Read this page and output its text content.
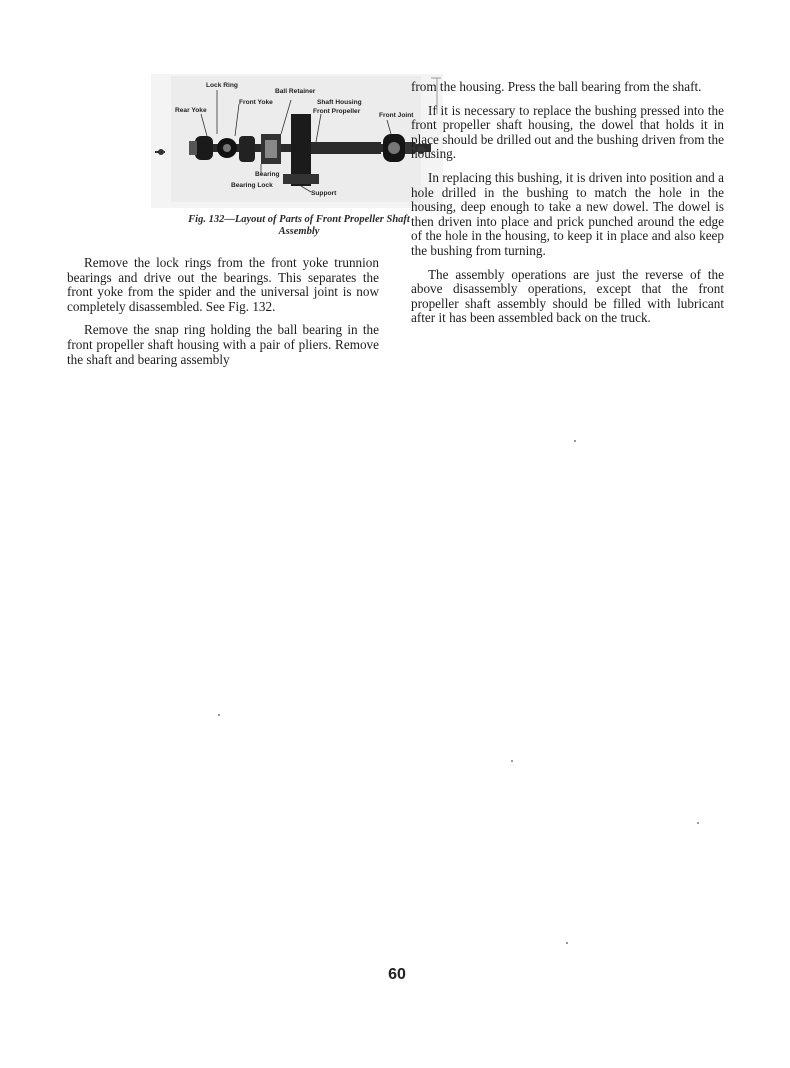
Lock Ring
Ball Retainer
Rear Yoke
Front Yoke	Shaft Housing
Front Propeller
Front Joint
Bearing
Bearing Lock
Support
Fig. 132—Layout of Parts of Front Propeller Shaft
Assembly

Remove the lock rings from the front yoke trunnion bearings and drive out the bearings. This separates the front yoke from the spider and the universal joint is now completely disassembled. See Fig. 132.

Remove the snap ring holding the ball bearing in the front propeller shaft housing with a pair of pliers. Remove the shaft and bearing assembly

from the housing. Press the ball bearing from the shaft.

If it is necessary to replace the bushing pressed into the front propeller shaft housing, the dowel that holds it in place should be drilled out and the bushing driven from the housing.

In replacing this bushing, it is driven into position and a hole drilled in the bushing to match the hole in the housing, deep enough to take a new dowel. The dowel is then driven into place and prick punched around the edge of the hole in the housing, to keep it in place and also keep the bushing from turning.

The assembly operations are just the reverse of the above disassembly operations, except that the front propeller shaft assembly should be filled with lubricant after it has been assembled back on the truck.

60
